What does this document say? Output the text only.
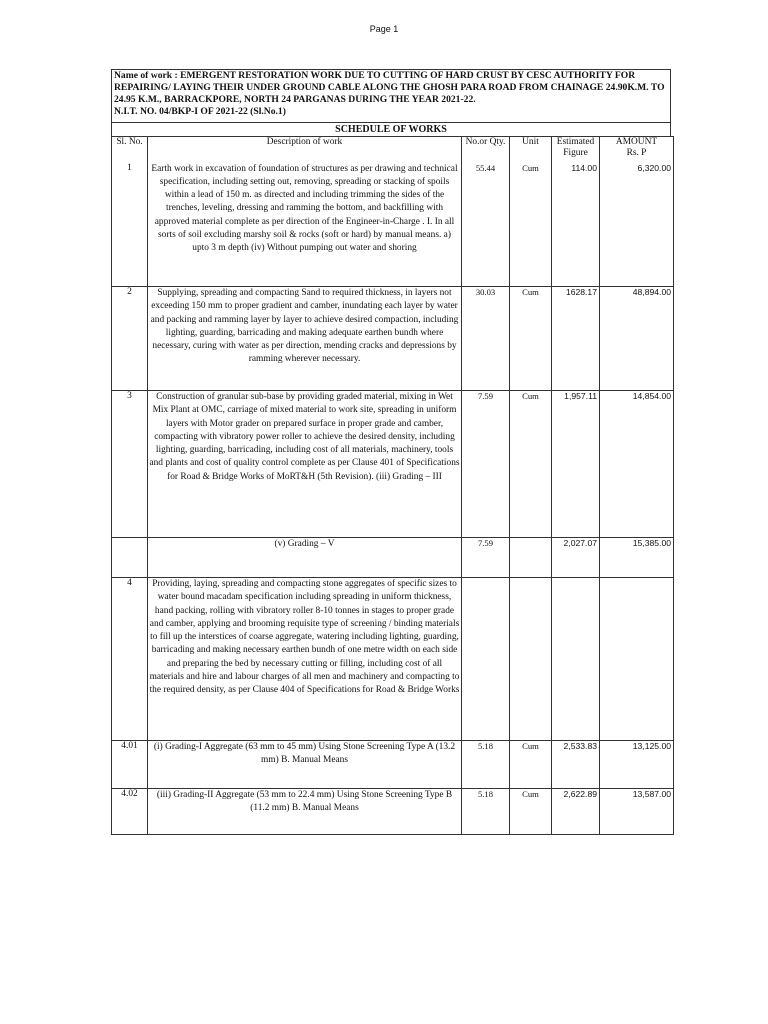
Page 1
Name of work : EMERGENT RESTORATION WORK DUE TO CUTTING OF HARD CRUST BY CESC AUTHORITY FOR
REPAIRING/ LAYING THEIR UNDER GROUND CABLE ALONG THE GHOSH PARA ROAD FROM CHAINAGE 24.90K.M. TO
24.95 K.M., BARRACKPORE, NORTH 24 PARGANAS DURING THE YEAR 2021-22.
N.I.T. NO. 04/BKP-I OF 2021-22 (Sl.No.1)
SCHEDULE OF WORKS
Sl. No.	Description of work	No.or Qty.	Unit	Estimated Figure	AMOUNT
Rs. P

1	Earth work in excavation of foundation of structures as per drawing and technical specification, including setting out, removing, spreading or stacking of spoils within a lead of 150 m. as directed and including trimming the sides of the trenches, leveling, dressing and ramming the bottom, and backfilling with approved material complete as per direction of the Engineer-in-Charge . I. In all sorts of soil excluding marshy soil & rocks (soft or hard) by manual means. a) upto 3 m depth (iv) Without pumping out water and shoring	55.44	Cum	114.00	6,320.00
2	Supplying, spreading and compacting Sand to required thickness, in layers not exceeding 150 mm to proper gradient and camber, inundating each layer by water and packing and ramming layer by layer to achieve desired compaction, including lighting, guarding, barricading and making adequate earthen bundh where necessary, curing with water as per direction, mending cracks and depressions by ramming wherever necessary.	30.03	Cum	1628.17	48,894.00
3	Construction of granular sub-base by providing graded material, mixing in Wet Mix Plant at OMC, carriage of mixed material to work site, spreading in uniform layers with Motor grader on prepared surface in proper grade and camber, compacting with vibratory power roller to achieve the desired density, including lighting, guarding, barricading, including cost of all materials, machinery, tools and plants and cost of quality control complete as per Clause 401 of Specifications for Road & Bridge Works of MoRT&H (5th Revision). (iii) Grading – III	7.59	Cum	1,957.11	14,854.00
	(v) Grading – V	7.59		2,027.07	15,385.00
4	Providing, laying, spreading and compacting stone aggregates of specific sizes to water bound macadam specification including spreading in uniform thickness, hand packing, rolling with vibratory roller 8-10 tonnes in stages to proper grade and camber, applying and brooming requisite type of screening / binding materials to fill up the interstices of coarse aggregate, watering including lighting, guarding, barricading and making necessary earthen bundh of one metre width on each side and preparing the bed by necessary cutting or filling, including cost of all materials and hire and labour charges of all men and machinery and compacting to the required density, as per Clause 404 of Specifications for Road & Bridge Works				
4.01	(i) Grading-I Aggregate (63 mm to 45 mm) Using Stone Screening Type A (13.2 mm) B. Manual Means	5.18	Cum	2,533.83	13,125.00
4.02	(iii) Grading-II Aggregate (53 mm to 22.4 mm) Using Stone Screening Type B (11.2 mm) B. Manual Means	5.18	Cum	2,622.89	13,587.00
